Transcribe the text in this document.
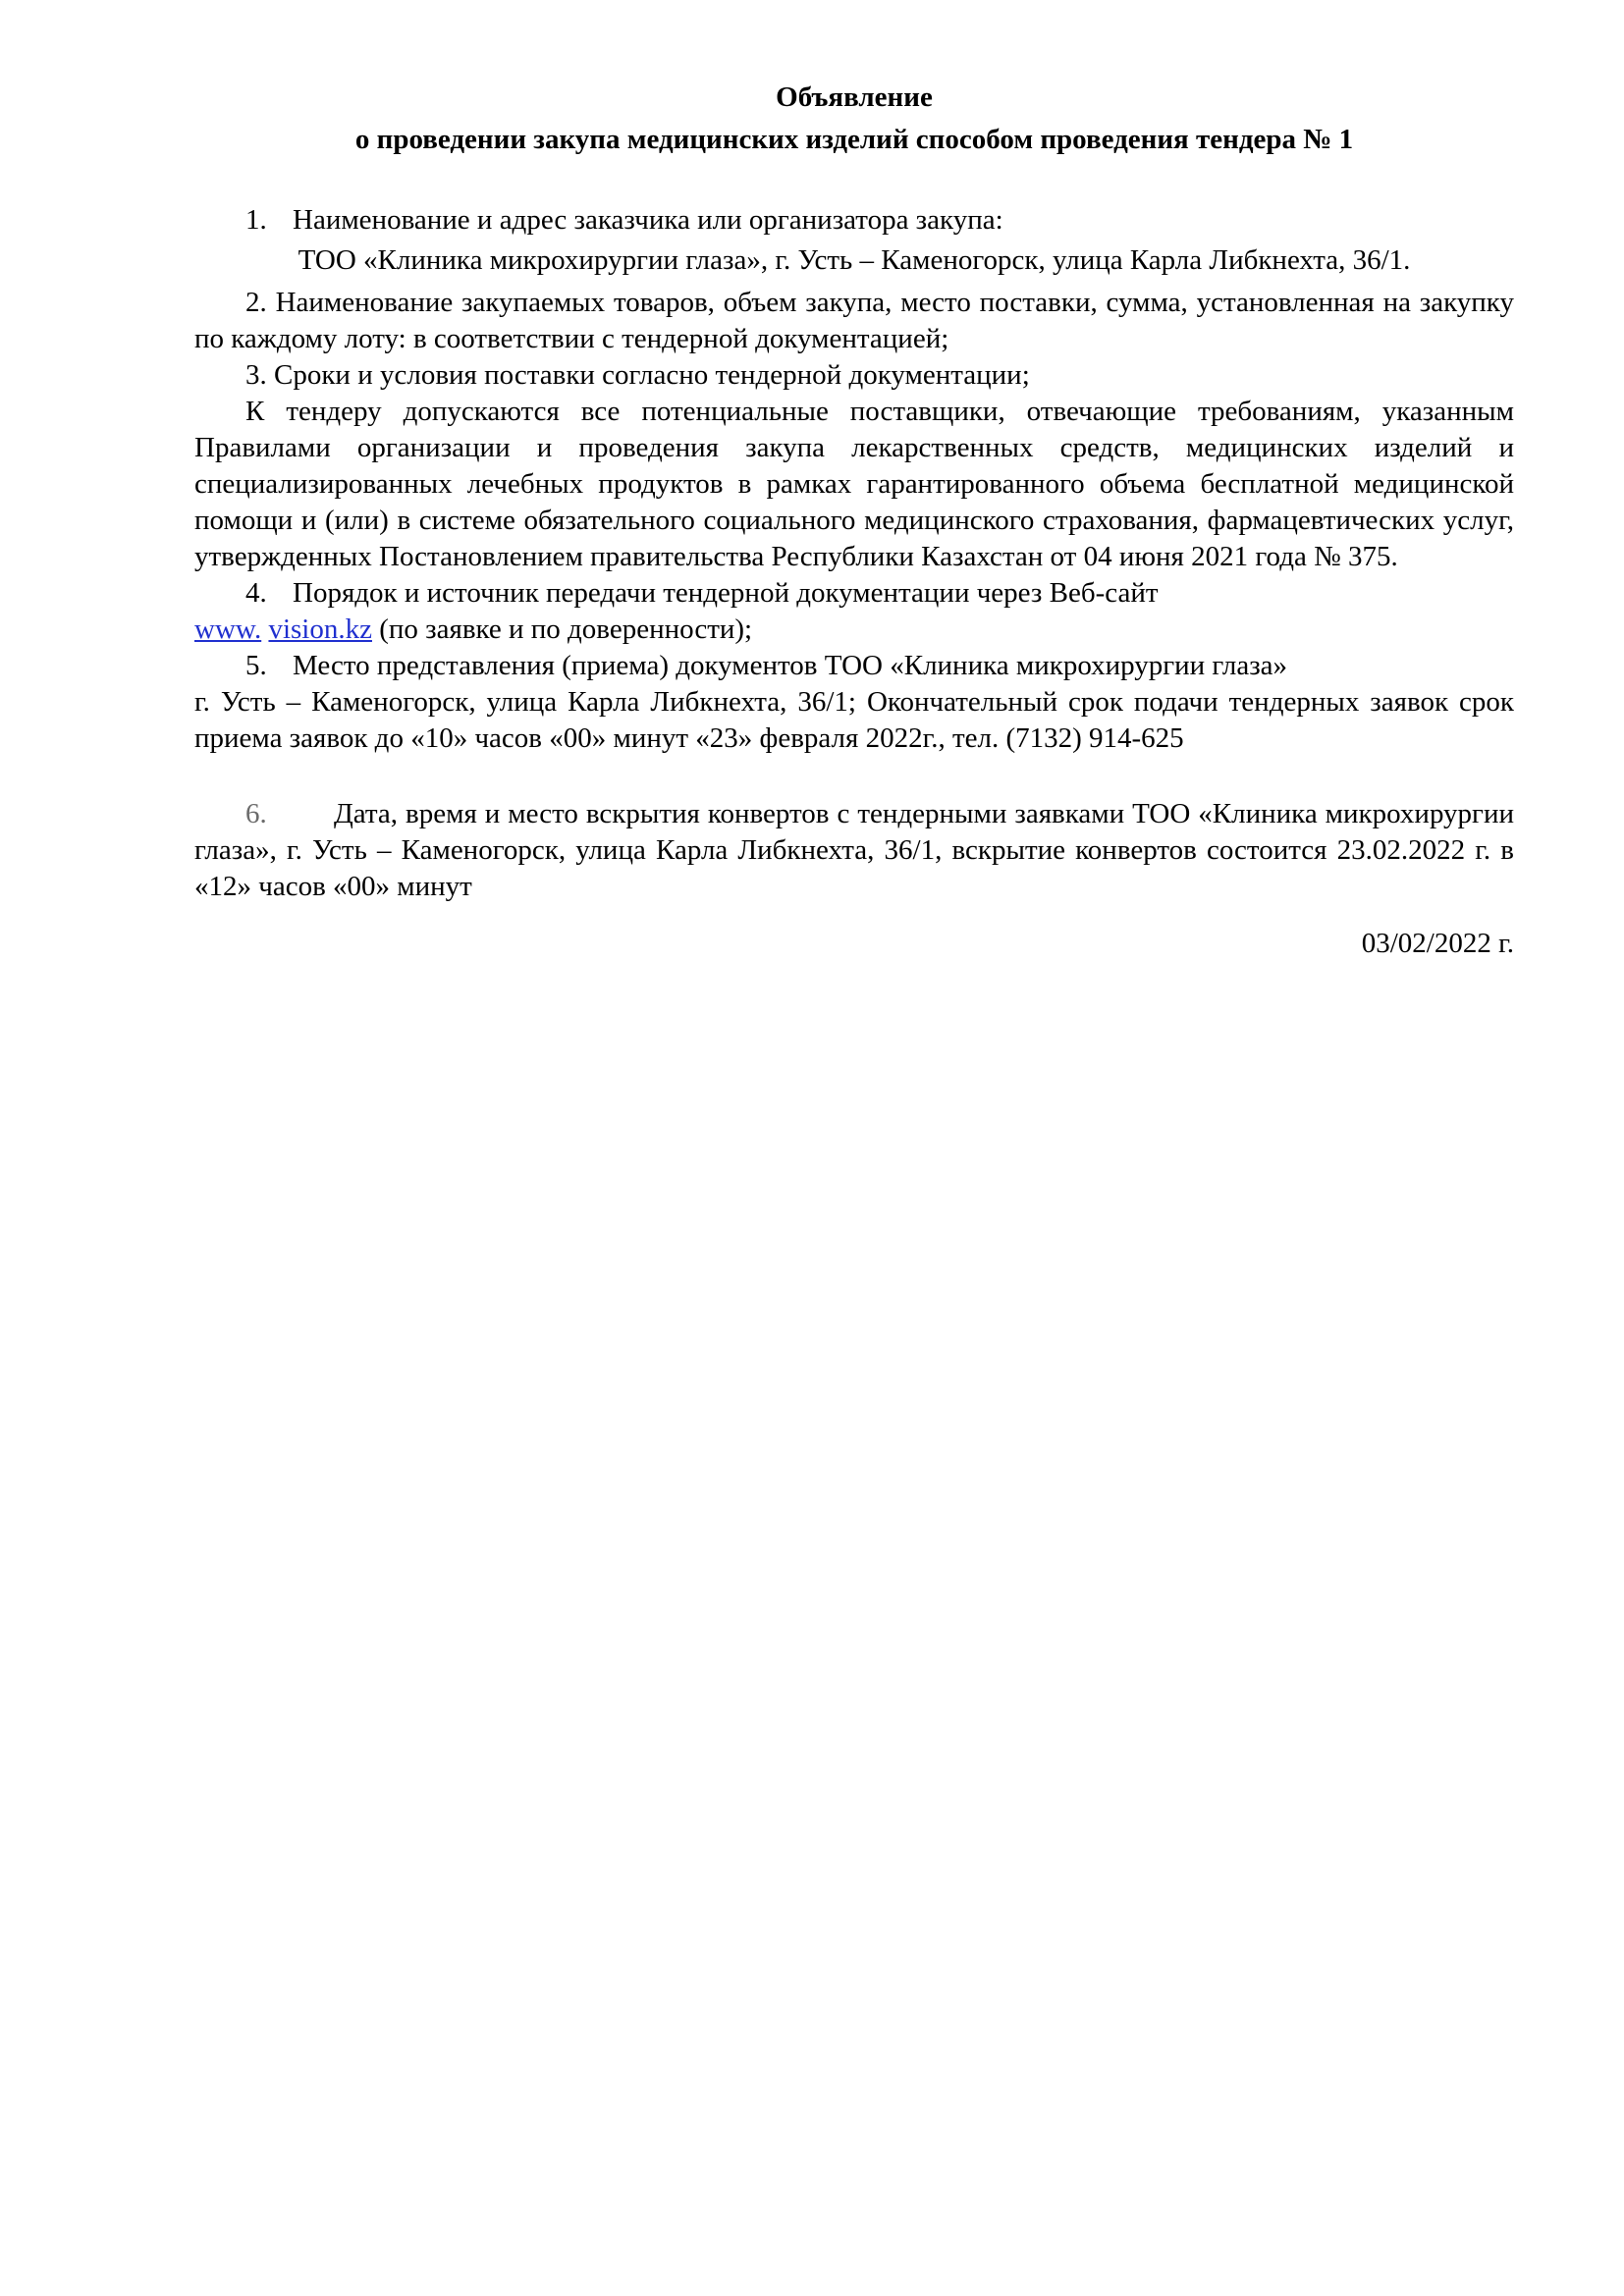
Объявление

о проведении закупа медицинских изделий способом проведения тендера № 1

1. Наименование и адрес заказчика или организатора закупа:

ТОО «Клиника микрохирургии глаза», г. Усть – Каменогорск, улица Карла Либкнехта, 36/1.

2. Наименование закупаемых товаров, объем закупа, место поставки, сумма, установленная на закупку по каждому лоту: в соответствии с тендерной документацией;

3. Сроки и условия поставки согласно тендерной документации;

К тендеру допускаются все потенциальные поставщики, отвечающие требованиям, указанным Правилами организации и проведения закупа лекарственных средств, медицинских изделий и специализированных лечебных продуктов в рамках гарантированного объема бесплатной медицинской помощи и (или) в системе обязательного социального медицинского страхования, фармацевтических услуг, утвержденных Постановлением правительства Республики Казахстан от 04 июня 2021 года № 375.

4. Порядок и источник передачи тендерной документации через Веб-сайт

www. vision.kz (по заявке и по доверенности);

5. Место представления (приема) документов ТОО «Клиника микрохирургии глаза»

г. Усть – Каменогорск, улица Карла Либкнехта, 36/1; Окончательный срок подачи тендерных заявок срок приема заявок до «10» часов «00» минут «23» февраля 2022г., тел. (7132) 914-625

6. Дата, время и место вскрытия конвертов с тендерными заявками ТОО «Клиника микрохирургии глаза», г. Усть – Каменогорск, улица Карла Либкнехта, 36/1, вскрытие конвертов состоится 23.02.2022 г. в «12» часов «00» минут

03/02/2022 г.
